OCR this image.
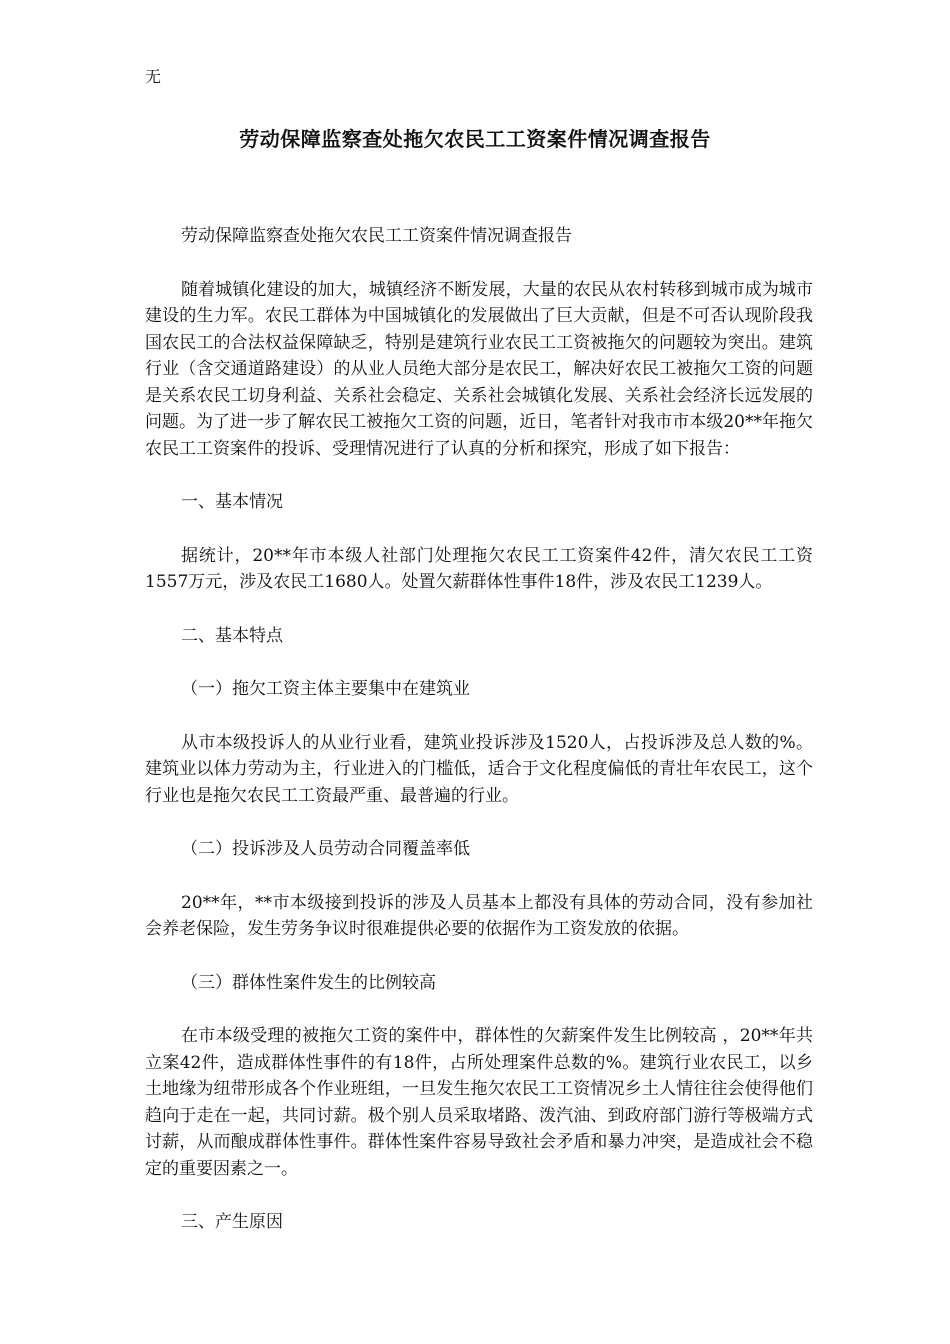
无
劳动保障监察查处拖欠农民工工资案件情况调查报告

劳动保障监察查处拖欠农民工工资案件情况调查报告

随着城镇化建设的加大，城镇经济不断发展，大量的农民从农村转移到城市成为城市建设的生力军。农民工群体为中国城镇化的发展做出了巨大贡献，但是不可否认现阶段我国农民工的合法权益保障缺乏，特别是建筑行业农民工工资被拖欠的问题较为突出。建筑行业（含交通道路建设）的从业人员绝大部分是农民工，解决好农民工被拖欠工资的问题是关系农民工切身利益、关系社会稳定、关系社会城镇化发展、关系社会经济长远发展的问题。为了进一步了解农民工被拖欠工资的问题，近日，笔者针对我市市本级20**年拖欠农民工工资案件的投诉、受理情况进行了认真的分析和探究，形成了如下报告：

一、基本情况

据统计，20**年市本级人社部门处理拖欠农民工工资案件42件，清欠农民工工资1557万元，涉及农民工1680人。处置欠薪群体性事件18件，涉及农民工1239人。

二、基本特点

（一）拖欠工资主体主要集中在建筑业

从市本级投诉人的从业行业看，建筑业投诉涉及1520人，占投诉涉及总人数的%。建筑业以体力劳动为主，行业进入的门槛低，适合于文化程度偏低的青壮年农民工，这个行业也是拖欠农民工工资最严重、最普遍的行业。

（二）投诉涉及人员劳动合同覆盖率低

20**年，**市本级接到投诉的涉及人员基本上都没有具体的劳动合同，没有参加社会养老保险，发生劳务争议时很难提供必要的依据作为工资发放的依据。

（三）群体性案件发生的比例较高

在市本级受理的被拖欠工资的案件中，群体性的欠薪案件发生比例较高 ，20**年共立案42件，造成群体性事件的有18件，占所处理案件总数的%。建筑行业农民工，以乡土地缘为纽带形成各个作业班组，一旦发生拖欠农民工工资情况乡土人情往往会使得他们趋向于走在一起，共同讨薪。极个别人员采取堵路、泼汽油、到政府部门游行等极端方式讨薪，从而酿成群体性事件。群体性案件容易导致社会矛盾和暴力冲突，是造成社会不稳定的重要因素之一。

三、产生原因
